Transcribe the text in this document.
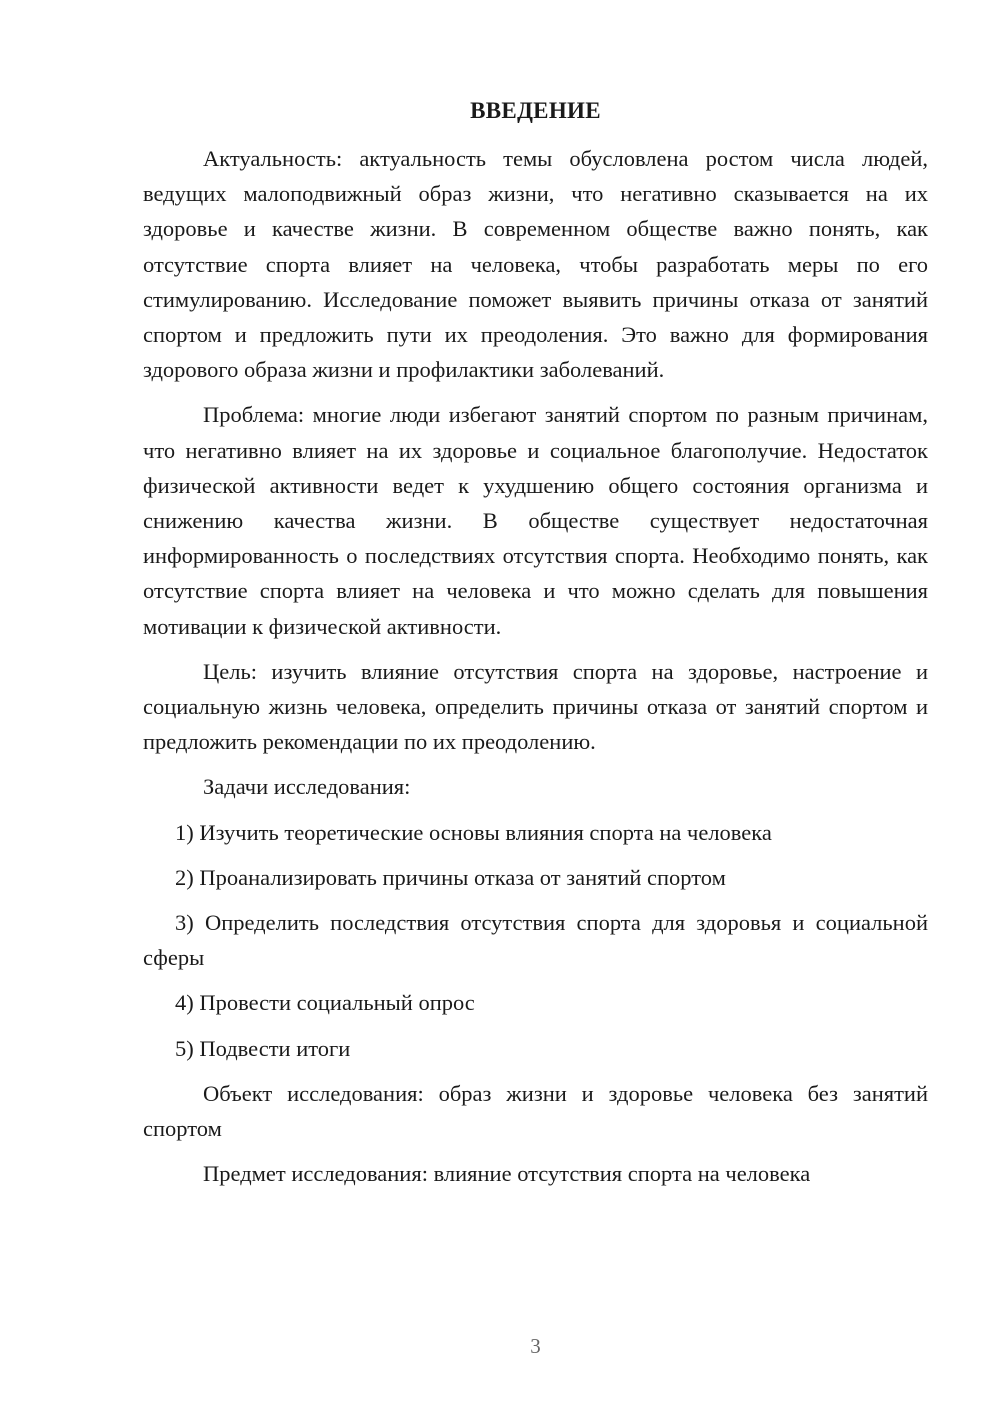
ВВЕДЕНИЕ

Актуальность: актуальность темы обусловлена ростом числа людей, ведущих малоподвижный образ жизни, что негативно сказывается на их здоровье и качестве жизни. В современном обществе важно понять, как отсутствие спорта влияет на человека, чтобы разработать меры по его стимулированию. Исследование поможет выявить причины отказа от занятий спортом и предложить пути их преодоления. Это важно для формирования здорового образа жизни и профилактики заболеваний.

Проблема: многие люди избегают занятий спортом по разным причинам, что негативно влияет на их здоровье и социальное благополучие. Недостаток физической активности ведет к ухудшению общего состояния организма и снижению качества жизни. В обществе существует недостаточная информированность о последствиях отсутствия спорта. Необходимо понять, как отсутствие спорта влияет на человека и что можно сделать для повышения мотивации к физической активности.

Цель: изучить влияние отсутствия спорта на здоровье, настроение и социальную жизнь человека, определить причины отказа от занятий спортом и предложить рекомендации по их преодолению.

Задачи исследования:

1) Изучить теоретические основы влияния спорта на человека

2) Проанализировать причины отказа от занятий спортом

3) Определить последствия отсутствия спорта для здоровья и социальной сферы

4) Провести социальный опрос

5) Подвести итоги

Объект исследования: образ жизни и здоровье человека без занятий спортом

Предмет исследования: влияние отсутствия спорта на человека

3
